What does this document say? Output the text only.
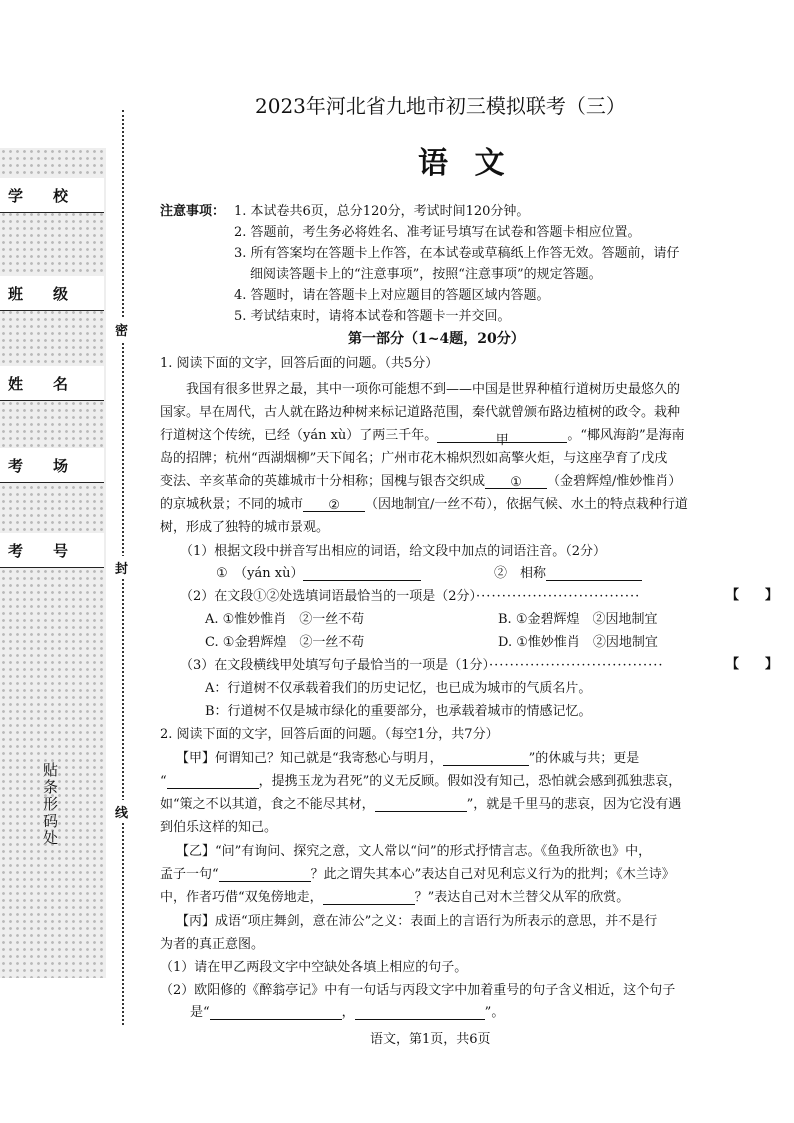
学　　校
班　　级
姓　　名
考　　场
考　　号
贴条形码处
密
封
线
2023年河北省九地市初三模拟联考（三）
语 文
注意事项： 1. 本试卷共6页，总分120分，考试时间120分钟。
2. 答题前，考生务必将姓名、准考证号填写在试卷和答题卡相应位置。
3. 所有答案均在答题卡上作答，在本试卷或草稿纸上作答无效。答题前，请仔
细阅读答题卡上的“注意事项”，按照“注意事项”的规定答题。
4. 答题时，请在答题卡上对应题目的答题区域内答题。
5. 考试结束时，请将本试卷和答题卡一并交回。
第一部分（1~4题，20分）
1. 阅读下面的文字，回答后面的问题。（共5分）
我国有很多世界之最，其中一项你可能想不到——中国是世界种植行道树历史最悠久的
国家。早在周代，古人就在路边种树来标记道路范围，秦代就曾颁布路边植树的政令。栽种
行道树这个传统，已经（yán xù）了两三千年。	甲	。“椰风海韵”是海南
岛的招牌；杭州“西湖烟柳”天下闻名；广州市花木棉炽烈如高擎火炬，与这座孕育了戊戌
变法、辛亥革命的英雄城市十分相称；国槐与银杏交织成 ① （金碧辉煌/惟妙惟肖）
的京城秋景；不同的城市 ② （因地制宜/一丝不苟），依据气候、水土的特点栽种行道
树，形成了独特的城市景观。
（1）根据文段中拼音写出相应的词语，给文段中加点的词语注音。（2分）
①　（yán xù）	②　相称
（2）在文段①②处选填词语最恰当的一项是（2分）································	【　　】
A. ①惟妙惟肖　②一丝不苟	B. ①金碧辉煌　②因地制宜
C. ①金碧辉煌　②一丝不苟	D. ①惟妙惟肖　②因地制宜
（3）在文段横线甲处填写句子最恰当的一项是（1分）··································	【　　】
A：行道树不仅承载着我们的历史记忆，也已成为城市的气质名片。
B：行道树不仅是城市绿化的重要部分，也承载着城市的情感记忆。
2. 阅读下面的文字，回答后面的问题。（每空1分，共7分）
【甲】何谓知己？知己就是“我寄愁心与明月，	”的休戚与共；更是
“	，提携玉龙为君死”的义无反顾。假如没有知己，恐怕就会感到孤独悲哀，
如“策之不以其道，食之不能尽其材，	”，就是千里马的悲哀，因为它没有遇
到伯乐这样的知己。
【乙】“问”有询问、探究之意，文人常以“问”的形式抒情言志。《鱼我所欲也》中，
孟子一句“	？此之谓失其本心”表达自己对见利忘义行为的批判；《木兰诗》
中，作者巧借“双兔傍地走，	？”表达自己对木兰替父从军的欣赏。
【丙】成语“项庄舞剑，意在沛公”之义：表面上的言语行为所表示的意思，并不是行
为者的真正意图。
（1）请在甲乙两段文字中空缺处各填上相应的句子。
（2）欧阳修的《醉翁亭记》中有一句话与丙段文字中加着重号的句子含义相近，这个句子
是“	，	”。
语文，第1页，共6页
